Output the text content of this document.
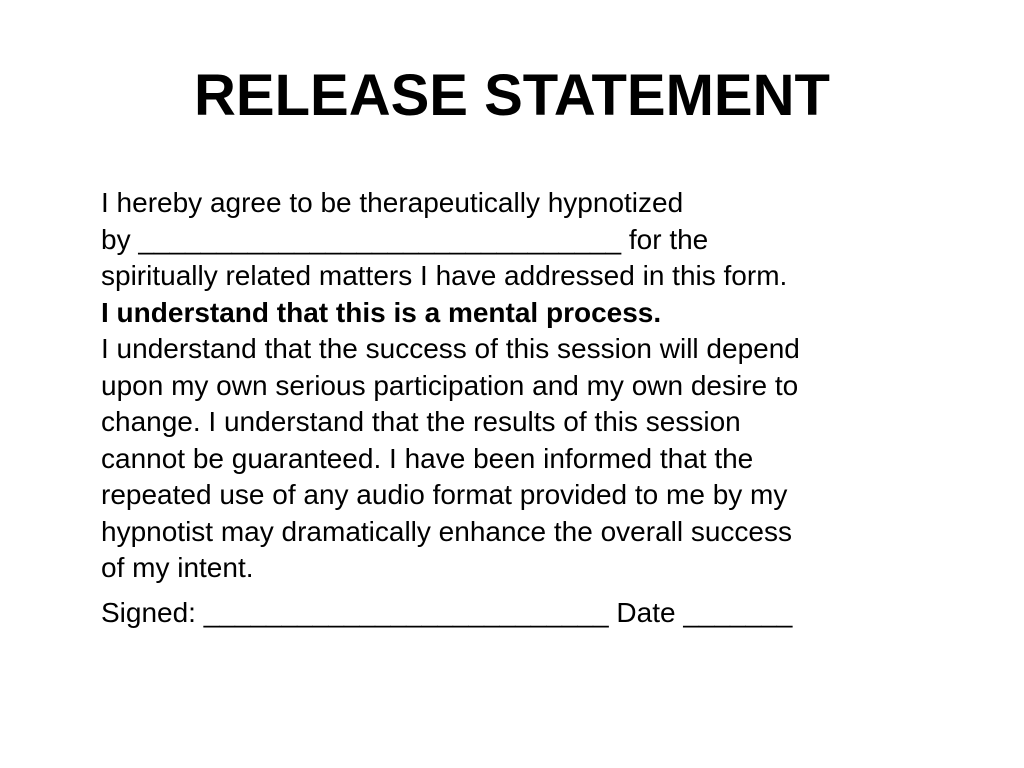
RELEASE STATEMENT
I hereby agree to be therapeutically hypnotized
by _______________________________ for the
spiritually related matters I have addressed in this form.
I understand that this is a mental process.
I understand that the success of this session will depend
upon my own serious participation and my own desire to
change. I understand that the results of this session
cannot be guaranteed. I have been informed that the
repeated use of any audio format provided to me by my
hypnotist may dramatically enhance the overall success
of my intent.
Signed: __________________________ Date _______
